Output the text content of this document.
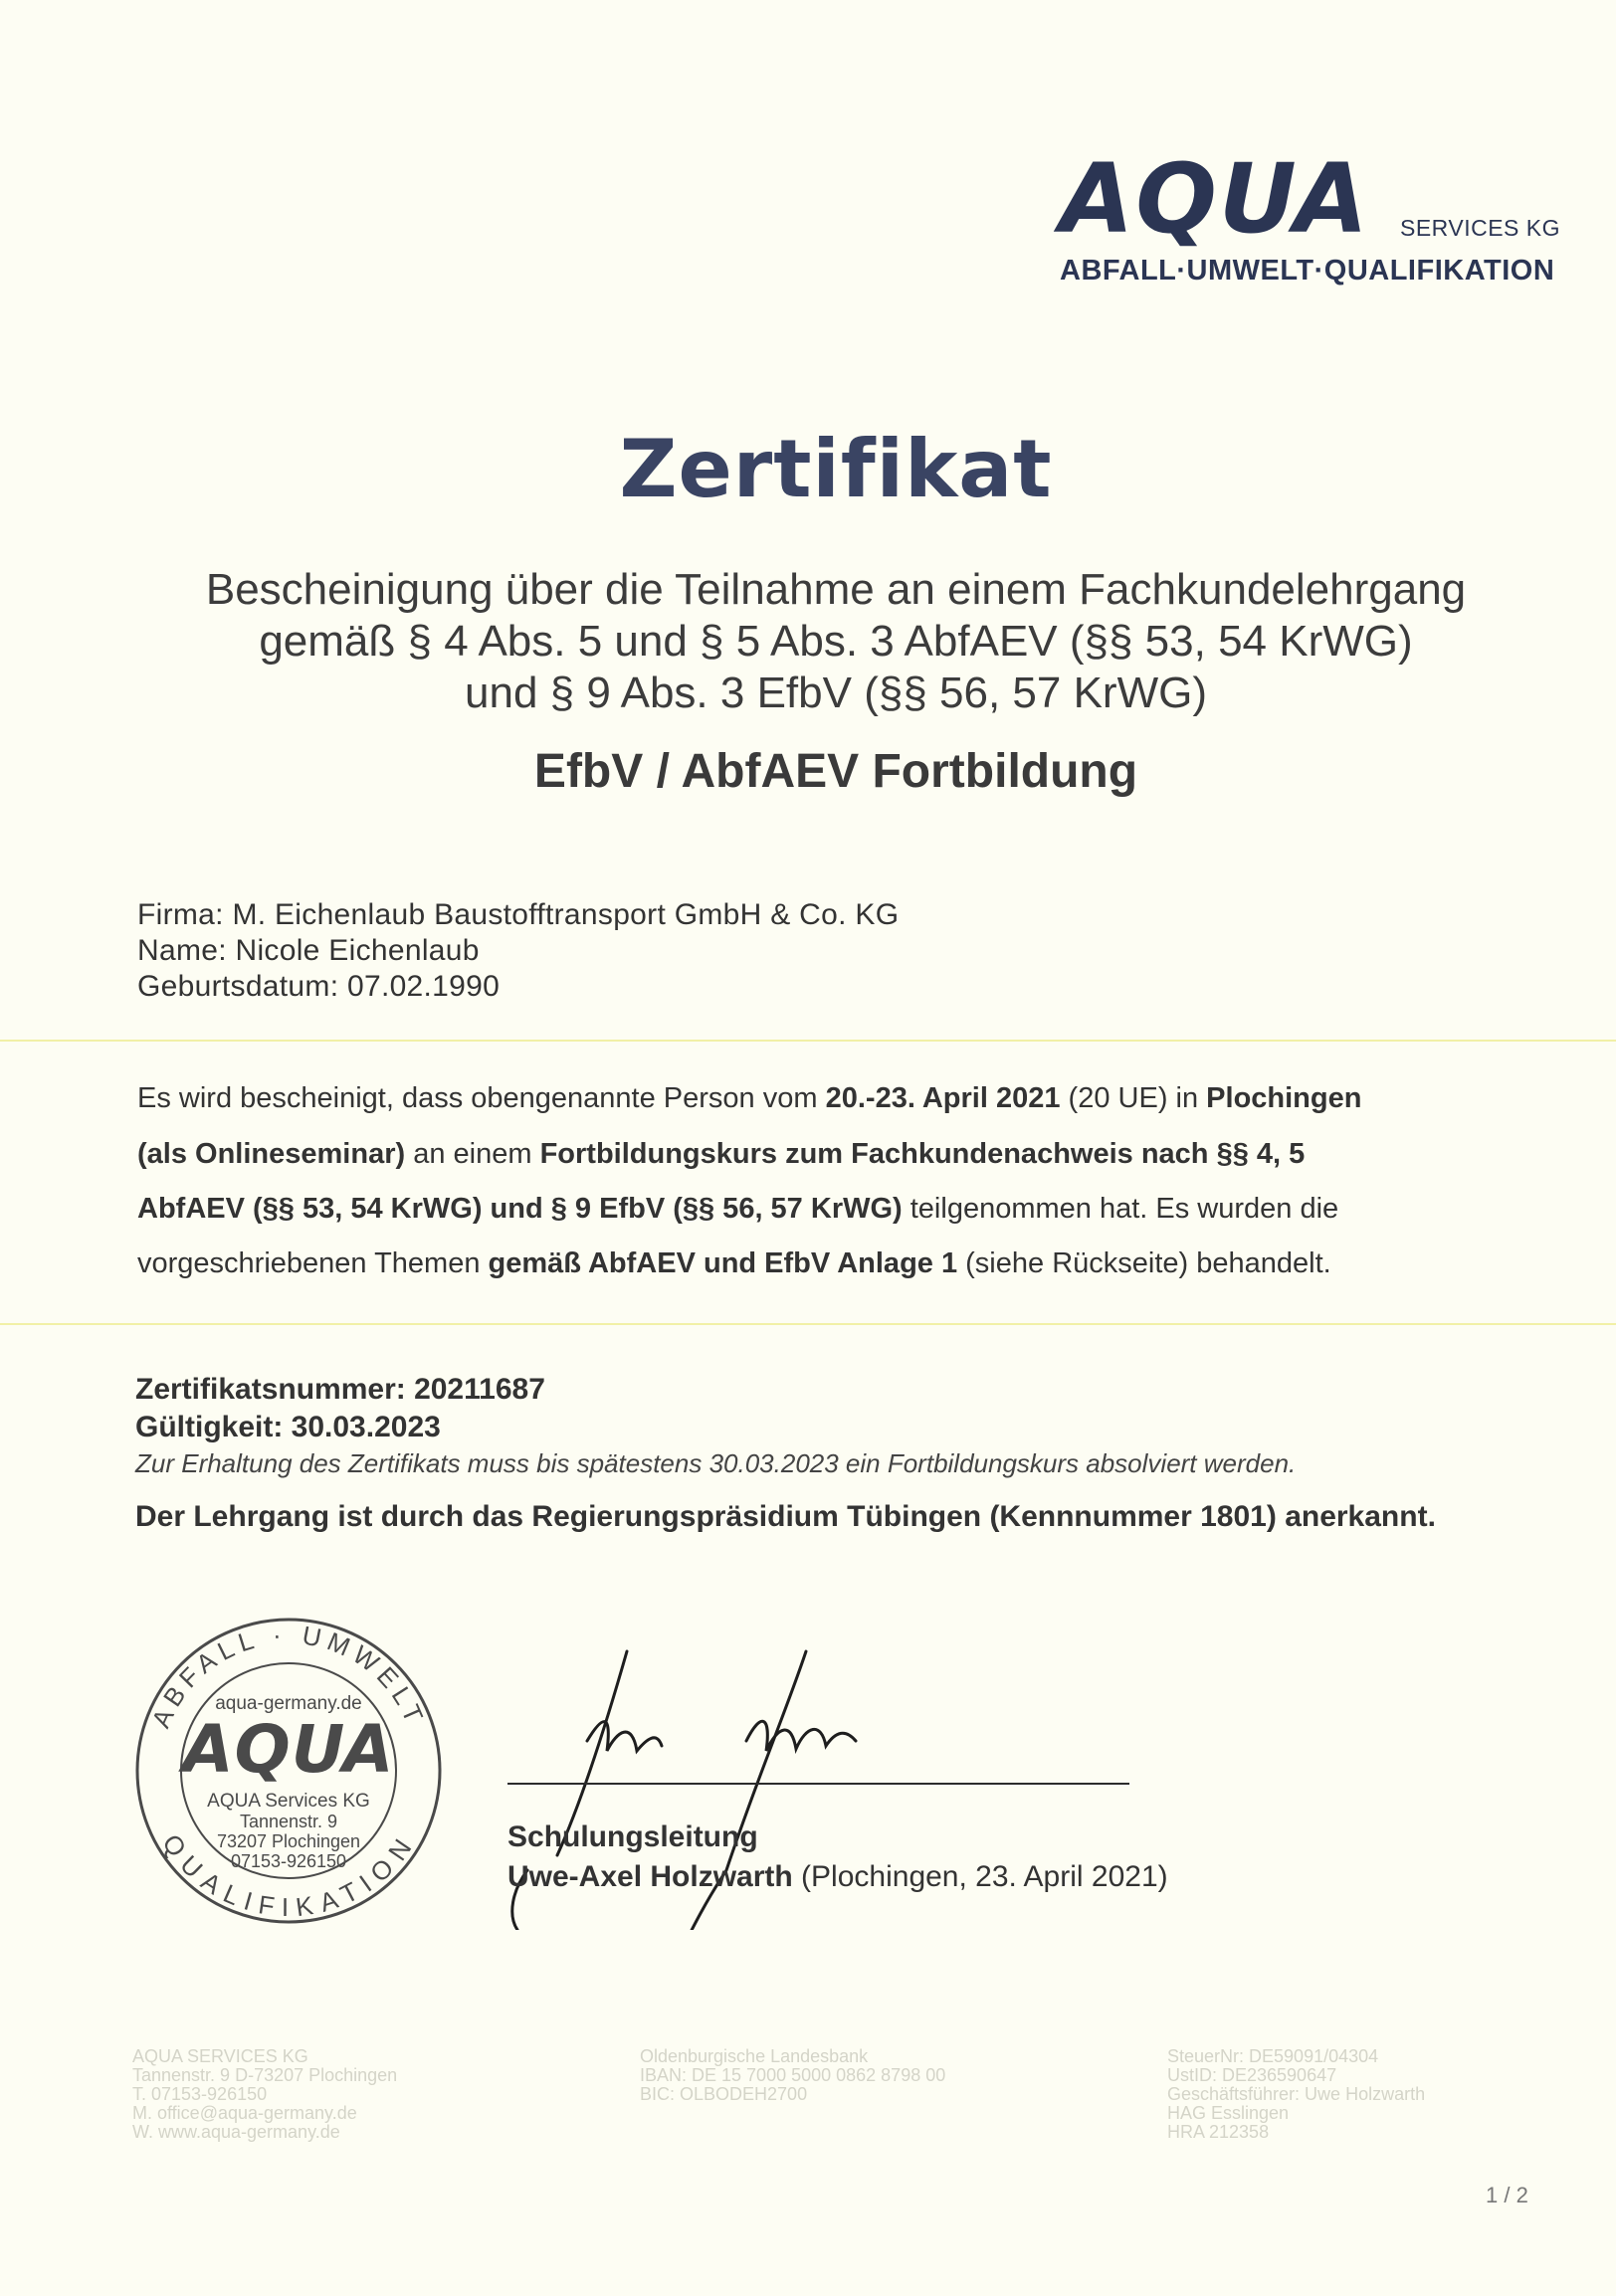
AQUA SERVICES KG
ABFALL·UMWELT·QUALIFIKATION
Zertifikat
Bescheinigung über die Teilnahme an einem Fachkundelehrgang
gemäß § 4 Abs. 5 und § 5 Abs. 3 AbfAEV (§§ 53, 54 KrWG)
und § 9 Abs. 3 EfbV (§§ 56, 57 KrWG)
EfbV / AbfAEV Fortbildung
Firma: M. Eichenlaub Baustofftransport GmbH & Co. KG
Name: Nicole Eichenlaub
Geburtsdatum: 07.02.1990
Es wird bescheinigt, dass obengenannte Person vom 20.-23. April 2021 (20 UE) in Plochingen
(als Onlineseminar) an einem Fortbildungskurs zum Fachkundenachweis nach §§ 4, 5
AbfAEV (§§ 53, 54 KrWG) und § 9 EfbV (§§ 56, 57 KrWG) teilgenommen hat. Es wurden die
vorgeschriebenen Themen gemäß AbfAEV und EfbV Anlage 1 (siehe Rückseite) behandelt.
Zertifikatsnummer: 20211687
Gültigkeit: 30.03.2023
Zur Erhaltung des Zertifikats muss bis spätestens 30.03.2023 ein Fortbildungskurs absolviert werden.
Der Lehrgang ist durch das Regierungspräsidium Tübingen (Kennnummer 1801) anerkannt.
ABFALL · UMWELT
QUALIFIKATION
aqua-germany.de
AQUA
AQUA Services KG
Tannenstr. 9
73207 Plochingen
07153-926150
Schulungsleitung
Uwe-Axel Holzwarth (Plochingen, 23. April 2021)
AQUA SERVICES KG
Tannenstr. 9 D-73207 Plochingen
T. 07153-926150
M. office@aqua-germany.de
W. www.aqua-germany.de
Oldenburgische Landesbank
IBAN: DE 15 7000 5000 0862 8798 00
BIC: OLBODEH2700
SteuerNr: DE59091/04304
UstID: DE236590647
Geschäftsführer: Uwe Holzwarth
HAG Esslingen
HRA 212358
1 / 2
